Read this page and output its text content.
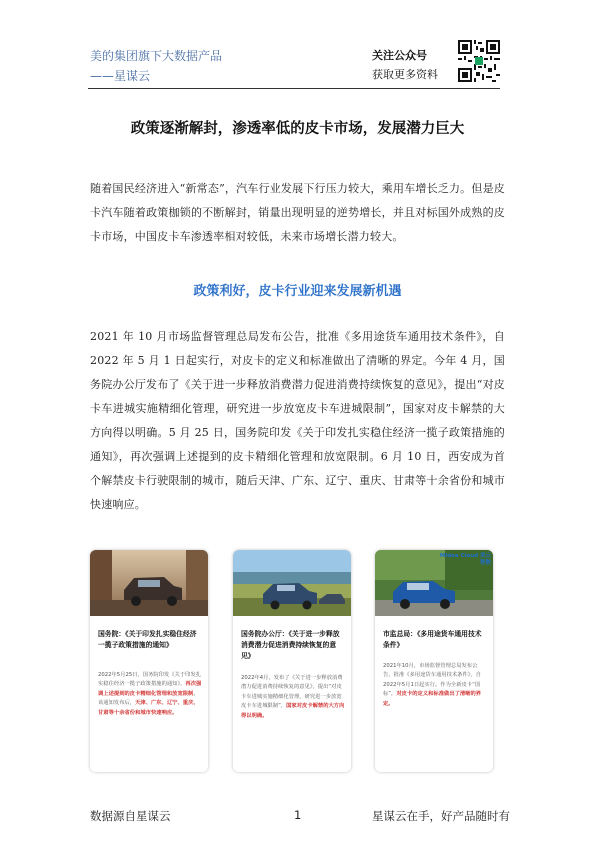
美的集团旗下大数据产品
——星谋云
关注公众号
获取更多资料
政策逐渐解封，渗透率低的皮卡市场，发展潜力巨大
随着国民经济进入“新常态”，汽车行业发展下行压力较大，乘用车增长乏力。但是皮卡汽车随着政策枷锁的不断解封，销量出现明显的逆势增长，并且对标国外成熟的皮卡市场，中国皮卡车渗透率相对较低，未来市场增长潜力较大。
政策利好，皮卡行业迎来发展新机遇
2021 年 10 月市场监督管理总局发布公告，批准《多用途货车通用技术条件》，自 2022 年 5 月 1 日起实行，对皮卡的定义和标准做出了清晰的界定。今年 4 月，国务院办公厅发布了《关于进一步释放消费潜力促进消费持续恢复的意见》，提出“对皮卡车进城实施精细化管理，研究进一步放宽皮卡车进城限制”，国家对皮卡解禁的大方向得以明确。5 月 25 日，国务院印发《关于印发扎实稳住经济一揽子政策措施的通知》，再次强调上述提到的皮卡精细化管理和放宽限制。6 月 10 日，西安成为首个解禁皮卡行驶限制的城市，随后天津、广东、辽宁、重庆、甘肃等十余省份和城市快速响应。
国务院：《关于印发扎实稳住经济一揽子政策措施的通知》
2022年5月25日，国务院印发《关于印发扎实稳住经济一揽子政策措施的通知》，再次强调上述提到的皮卡精细化管理和放宽限制。该通知发布后，天津、广东、辽宁、重庆、甘肃等十余省份和城市快速响应。
国务院办公厅：《关于进一步释放消费潜力促进消费持续恢复的意见》
2022年4月，发布了《关于进一步释放消费潜力促进消费持续恢复的意见》，提出“对皮卡车进城实施精细化管理，研究进一步放宽皮卡车进城限制”，国家对皮卡解禁的大方向得以明确。
Midea Cloud 美云智数
市监总局：《多用途货车通用技术条件》
2021年10月，市场监督管理总局发布公告，批准《多用途货车通用技术条件》，自2022年5月1日起实行。作为全新皮卡“国标”，对皮卡的定义和标准做出了清晰的界定。
数据源自星谋云	1	星谋云在手，好产品随时有
